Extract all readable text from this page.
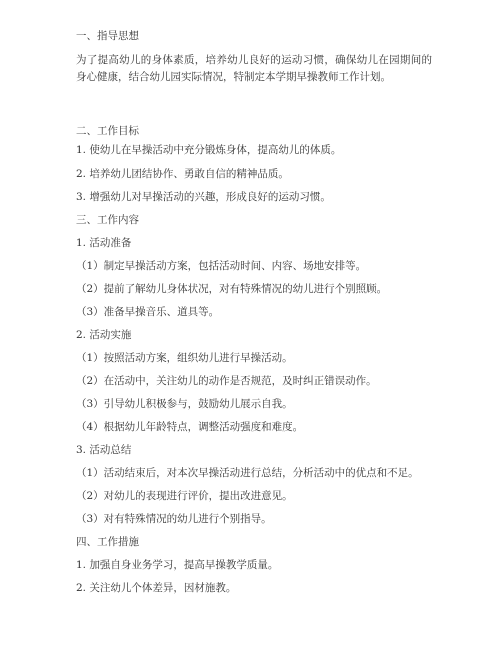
一、指导思想
为了提高幼儿的身体素质，培养幼儿良好的运动习惯，确保幼儿在园期间的身心健康，结合幼儿园实际情况，特制定本学期早操教师工作计划。
二、工作目标
1. 使幼儿在早操活动中充分锻炼身体，提高幼儿的体质。
2. 培养幼儿团结协作、勇敢自信的精神品质。
3. 增强幼儿对早操活动的兴趣，形成良好的运动习惯。
三、工作内容
1. 活动准备
（1）制定早操活动方案，包括活动时间、内容、场地安排等。
（2）提前了解幼儿身体状况，对有特殊情况的幼儿进行个别照顾。
（3）准备早操音乐、道具等。
2. 活动实施
（1）按照活动方案，组织幼儿进行早操活动。
（2）在活动中，关注幼儿的动作是否规范，及时纠正错误动作。
（3）引导幼儿积极参与，鼓励幼儿展示自我。
（4）根据幼儿年龄特点，调整活动强度和难度。
3. 活动总结
（1）活动结束后，对本次早操活动进行总结，分析活动中的优点和不足。
（2）对幼儿的表现进行评价，提出改进意见。
（3）对有特殊情况的幼儿进行个别指导。
四、工作措施
1. 加强自身业务学习，提高早操教学质量。
2. 关注幼儿个体差异，因材施教。
